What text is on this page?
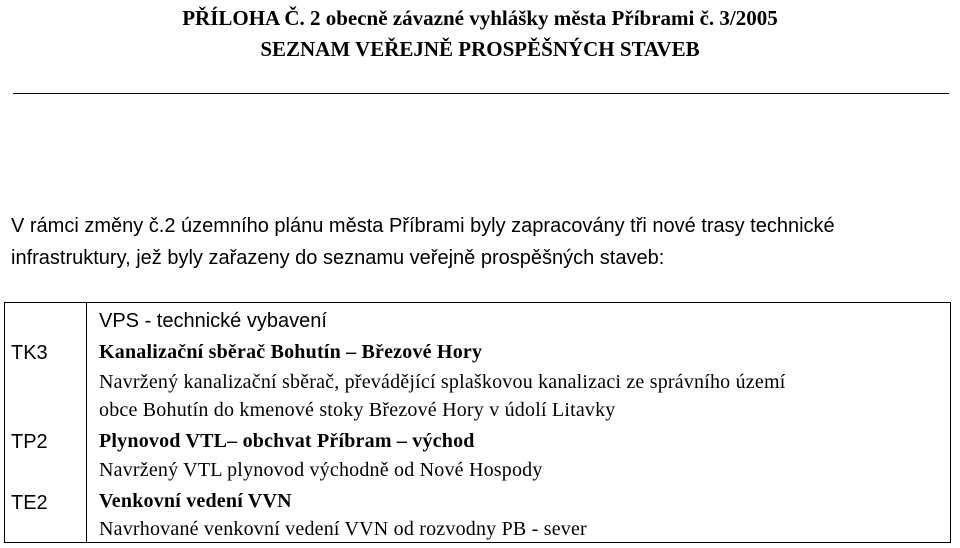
PŘÍLOHA Č. 2 obecně závazné vyhlášky města Příbrami č. 3/2005
SEZNAM VEŘEJNĚ PROSPĚŠNÝCH STAVEB
V rámci změny č.2 územního plánu města Příbrami byly zapracovány tři nové trasy technické
infrastruktury, jež byly zařazeny do seznamu veřejně prospěšných staveb:
VPS - technické vybavení
TK3	Kanalizační sběrač Bohutín – Březové Hory
Navržený kanalizační sběrač, převádějící splaškovou kanalizaci ze správního území
obce Bohutín do kmenové stoky Březové Hory v údolí Litavky
TP2	Plynovod VTL– obchvat Příbram – východ
Navržený VTL plynovod východně od Nové Hospody
TE2	Venkovní vedení VVN
Navrhované venkovní vedení VVN od rozvodny PB - sever
